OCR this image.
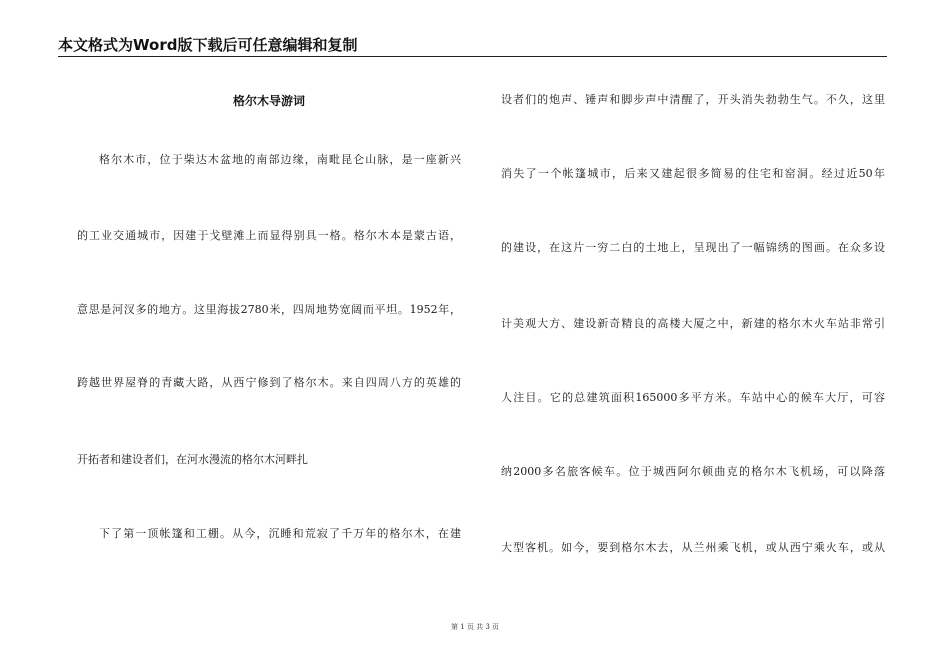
本文格式为Word版下载后可任意编辑和复制
格尔木导游词
格尔木市，位于柴达木盆地的南部边缘，南毗昆仑山脉，是一座新兴
的工业交通城市，因建于戈壁滩上而显得别具一格。格尔木本是蒙古语，
意思是河汊多的地方。这里海拔2780米，四周地势宽阔而平坦。1952年，
跨越世界屋脊的青藏大路，从西宁修到了格尔木。来自四周八方的英雄的
开拓者和建设者们，在河水漫流的格尔木河畔扎
下了第一顶帐篷和工棚。从今，沉睡和荒寂了千万年的格尔木，在建
设者们的炮声、锤声和脚步声中清醒了，开头消失勃勃生气。不久，这里
消失了一个帐篷城市，后来又建起很多简易的住宅和窑洞。经过近50年
的建设，在这片一穷二白的土地上，呈现出了一幅锦绣的图画。在众多设
计美观大方、建设新奇精良的高楼大厦之中，新建的格尔木火车站非常引
人注目。它的总建筑面积165000多平方米。车站中心的候车大厅，可容
纳2000多名旅客候车。位于城西阿尔顿曲克的格尔木飞机场，可以降落
大型客机。如今，要到格尔木去，从兰州乘飞机，或从西宁乘火车，或从
第 1 页 共 3 页
